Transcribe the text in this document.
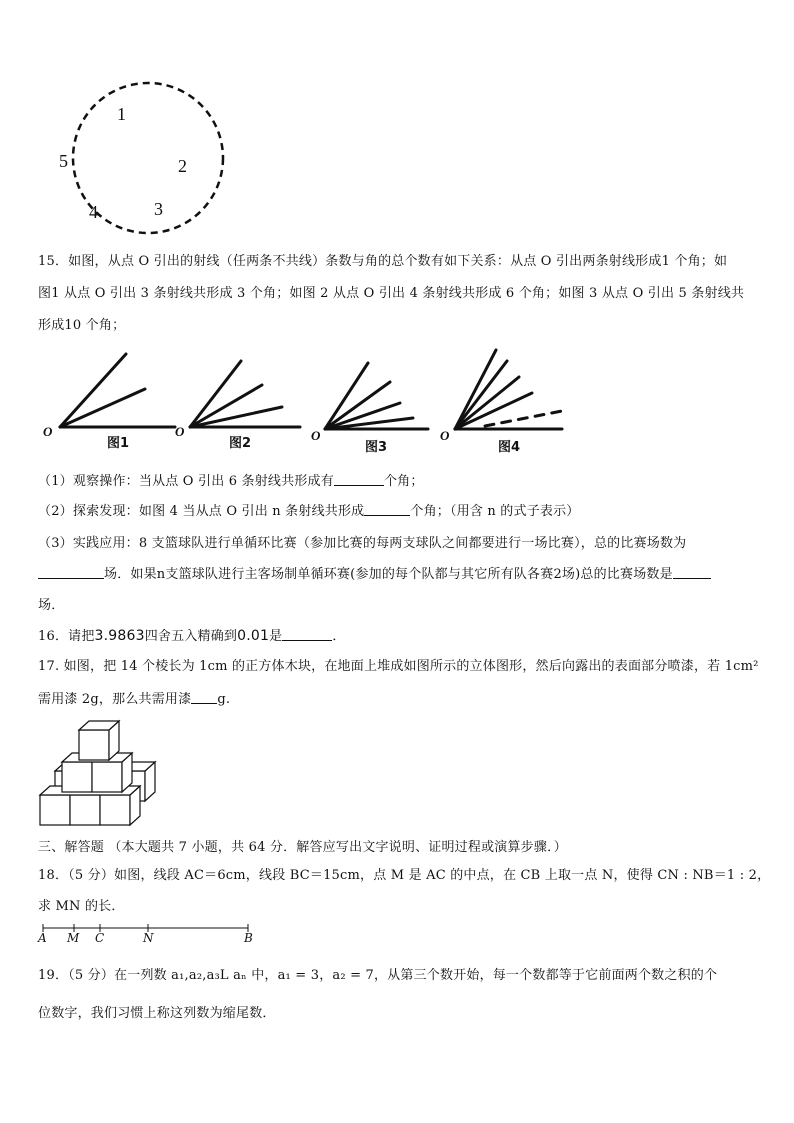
1
2
3
4
5
15．如图，从点 O 引出的射线（任两条不共线）条数与角的总个数有如下关系：从点 O 引出两条射线形成1 个角；如
图1 从点 O 引出 3 条射线共形成 3 个角；如图 2 从点 O 引出 4 条射线共形成 6 个角；如图 3 从点 O 引出 5 条射线共
形成10 个角；
O
图1
O
图2
O
图3
O
图4
（1）观察操作：当从点 O 引出 6 条射线共形成有	个角；
（2）探索发现：如图 4 当从点 O 引出 n 条射线共形成	个角；（用含 n 的式子表示）
（3）实践应用：8 支篮球队进行单循环比赛（参加比赛的每两支球队之间都要进行一场比赛），总的比赛场数为
场．如果n支篮球队进行主客场制单循环赛(参加的每个队都与其它所有队各赛2场)总的比赛场数是
场．
16．请把3.9863四舍五入精确到0.01是	．
17. 如图，把 14 个棱长为 1cm 的正方体木块，在地面上堆成如图所示的立体图形，然后向露出的表面部分喷漆，若 1cm²
需用漆 2g，那么共需用漆 g.
三、解答题 （本大题共 7 小题，共 64 分．解答应写出文字说明、证明过程或演算步骤．）
18．（5 分）如图，线段 AC＝6cm，线段 BC＝15cm，点 M 是 AC 的中点，在 CB 上取一点 N，使得 CN : NB＝1 : 2，
求 MN 的长．
A M C	N	B
19．（5 分）在一列数 a₁,a₂,a₃L aₙ 中，a₁ = 3，a₂ = 7，从第三个数开始，每一个数都等于它前面两个数之积的个
位数字，我们习惯上称这列数为缩尾数．
